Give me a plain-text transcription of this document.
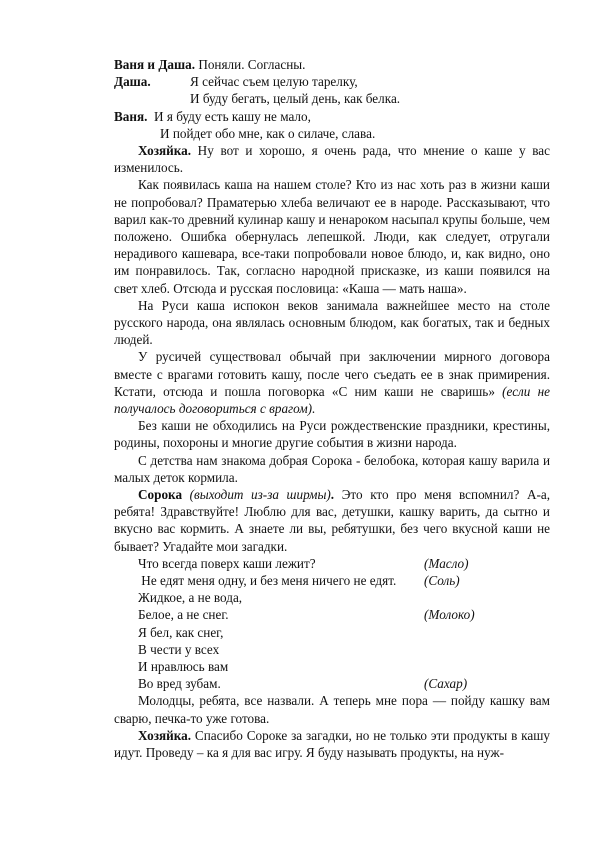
Ваня и Даша. Поняли. Согласны.
Даша.	Я сейчас съем целую тарелку,
И буду бегать, целый день, как белка.
Ваня.  И я буду есть кашу не мало,
И пойдет обо мне, как о силаче, слава.

Хозяйка. Ну вот и хорошо, я очень рада, что мнение о каше у вас изменилось.

Как появилась каша на нашем столе? Кто из нас хоть раз в жизни каши не попробовал? Праматерью хлеба величают ее в народе. Рассказывают, что варил как-то древний кулинар кашу и ненароком насыпал крупы больше, чем положено. Ошибка обернулась лепешкой. Люди, как следует, отругали нерадивого кашевара, все-таки попробовали новое блюдо, и, как видно, оно им понравилось. Так, согласно народной присказке, из каши появился на свет хлеб. Отсюда и русская пословица: «Каша — мать наша».

На Руси каша испокон веков занимала важнейшее место на столе русского народа, она являлась основным блюдом, как богатых, так и бедных людей.

У русичей существовал обычай при заключении мирного договора вместе с врагами готовить кашу, после чего съедать ее в знак примирения. Кстати, отсюда и пошла поговорка «С ним каши не сваришь» (если не получалось договориться с врагом).

Без каши не обходились на Руси рождественские праздники, крестины, родины, похороны и многие другие события в жизни народа.

С детства нам знакома добрая Сорока - белобока, которая кашу варила и малых деток кормила.

Сорока (выходит из-за ширмы). Это кто про меня вспомнил? А-а, ребята! Здравствуйте! Люблю для вас, детушки, кашку варить, да сытно и вкусно вас кормить. А знаете ли вы, ребятушки, без чего вкусной каши не бывает? Угадайте мои загадки.

Что всегда поверх каши лежит?	(Масло)
Не едят меня одну, и без меня ничего не едят. (Соль)
Жидкое, а не вода,
Белое, а не снег.	(Молоко)
Я бел, как снег,
В чести у всех
И нравлюсь вам
Во вред зубам.	(Сахар)

Молодцы, ребята, все назвали. А теперь мне пора — пойду кашку вам сварю, печка-то уже готова.

Хозяйка. Спасибо Сороке за загадки, но не только эти продукты в кашу идут. Проведу – ка я для вас игру. Я буду называть продукты, на нуж-
